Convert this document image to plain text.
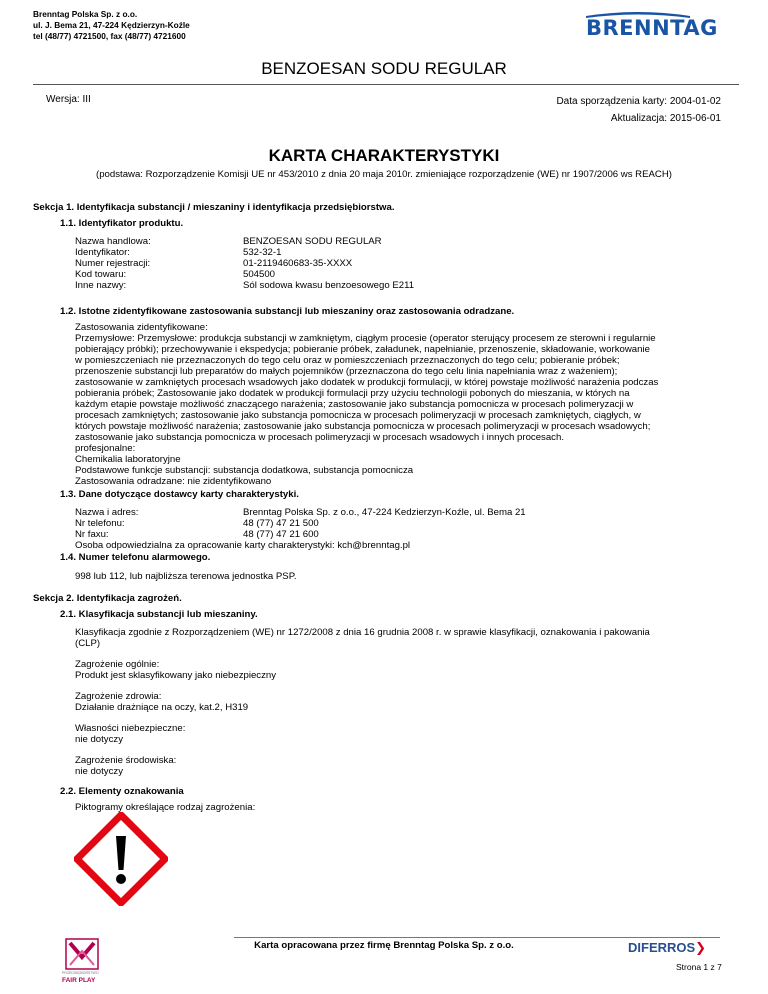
Brenntag Polska Sp. z o.o.
ul. J. Bema 21, 47-224 Kędzierzyn-Koźle
tel (48/77) 4721500, fax (48/77) 4721600	BRENNTAG
BENZOESAN SODU REGULAR
Wersja: III	Data sporządzenia karty: 2004-01-02
Aktualizacja: 2015-06-01
KARTA CHARAKTERYSTYKI
(podstawa: Rozporządzenie Komisji UE nr 453/2010 z dnia 20 maja 2010r. zmieniające rozporządzenie (WE) nr 1907/2006 ws REACH)
Sekcja 1. Identyfikacja substancji / mieszaniny i identyfikacja przedsiębiorstwa.
1.1. Identyfikator produktu.
Nazwa handlowa:	BENZOESAN SODU REGULAR
Identyfikator:	532-32-1
Numer rejestracji:	01-2119460683-35-XXXX
Kod towaru:	504500
Inne nazwy:	Sól sodowa kwasu benzoesowego E211
1.2. Istotne zidentyfikowane zastosowania substancji lub mieszaniny oraz zastosowania odradzane.
Zastosowania zidentyfikowane:
Przemysłowe: Przemysłowe: produkcja substancji w zamkniętym, ciągłym procesie (operator sterujący procesem ze sterowni i regularnie
pobierający próbki); przechowywanie i ekspedycja; pobieranie próbek, załadunek, napełnianie, przenoszenie, składowanie, workowanie
w pomieszczeniach nie przeznaczonych do tego celu oraz w pomieszczeniach przeznaczonych do tego celu; pobieranie próbek;
przenoszenie substancji lub preparatów do małych pojemników (przeznaczona do tego celu linia napełniania wraz z ważeniem);
zastosowanie w zamkniętych procesach wsadowych jako dodatek w produkcji formulacji, w której powstaje możliwość narażenia podczas
pobierania próbek; Zastosowanie jako dodatek w produkcji formulacji przy użyciu technologii pobonych do mieszania, w których na
każdym etapie powstaje możliwość znaczącego narażenia; zastosowanie jako substancja pomocnicza w procesach polimeryzacji w
procesach zamkniętych; zastosowanie jako substancja pomocnicza w procesach polimeryzacji w procesach zamkniętych, ciągłych, w
których powstaje możliwość narażenia; zastosowanie jako substancja pomocnicza w procesach polimeryzacji w procesach wsadowych;
zastosowanie jako substancja pomocnicza w procesach polimeryzacji w procesach wsadowych i innych procesach.
profesjonalne:
Chemikalia laboratoryjne
Podstawowe funkcje substancji: substancja dodatkowa, substancja pomocnicza
Zastosowania odradzane: nie zidentyfikowano
1.3. Dane dotyczące dostawcy karty charakterystyki.
Nazwa i adres:	Brenntag Polska Sp. z o.o., 47-224 Kedzierzyn-Koźle, ul. Bema 21
Nr telefonu:	48 (77) 47 21 500
Nr faxu:	48 (77) 47 21 600
Osoba odpowiedzialna za opracowanie karty charakterystyki: kch@brenntag.pl
1.4. Numer telefonu alarmowego.
998 lub 112, lub najbliższa terenowa jednostka PSP.
Sekcja 2. Identyfikacja zagrożeń.
2.1. Klasyfikacja substancji lub mieszaniny.
Klasyfikacja zgodnie z Rozporządzeniem (WE) nr 1272/2008 z dnia 16 grudnia 2008 r. w sprawie klasyfikacji, oznakowania i pakowania
(CLP)
Zagrożenie ogólnie:
Produkt jest sklasyfikowany jako niebezpieczny
Zagrożenie zdrowia:
Działanie drażniące na oczy, kat.2, H319
Własności niebezpieczne:
nie dotyczy
Zagrożenie środowiska:
nie dotyczy
2.2. Elementy oznakowania
Piktogramy określające rodzaj zagrożenia:
PRZEDSIĘBIORSTWO
FAIR PLAY
Karta opracowana przez firmę Brenntag Polska Sp. z o.o.	DIFERROS❯
Strona 1 z 7
